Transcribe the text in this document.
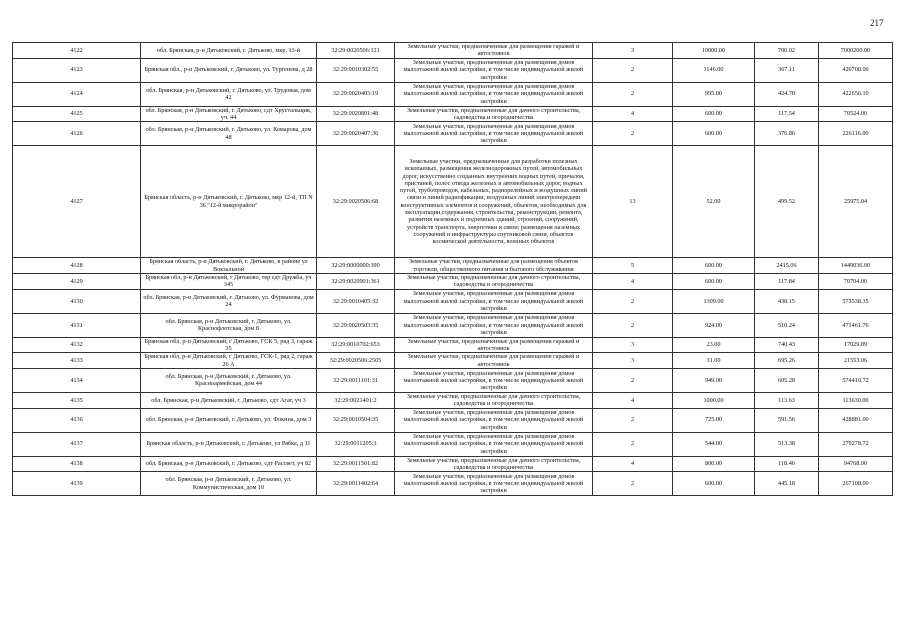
217
4122	обл. Брянская, р-н Дятьковский, г. Дятьково, мкр. 13-й	32:29:0020506:121	Земельные участки, предназначенные для размещения гаражей и автостоянок	3	10000.00	700.02	7000200.00
4123	Брянская обл., р-н Дятьковский, г. Дятьково, ул. Тургенева, д 28	32:29:0010302:55	Земельные участки, предназначенные для размещения домов малоэтажной жилой застройки, в том числе индивидуальной жилой застройки	2	1146.00	367.11	420708.06
4124	обл. Брянская, р-н Дятьковский, г. Дятьково, ул. Трудовая, дом 42	32:29:0020403:19	Земельные участки, предназначенные для размещения домов малоэтажной жилой застройки, в том числе индивидуальной жилой застройки	2	995.00	424.78	422656.10
4125	обл. Брянская, р-н Дятьковский, г. Дятьково, сдт Хрустальщик, уч. 44	32:29:0020801:48	Земельные участки, предназначенные для дачного строительства, садоводства и огородничества	4	600.00	117.54	70524.00
4126	обл. Брянская, р-н Дятьковский, г. Дятьково, ул. Комарова, дом 48	32:29:0020407:36	Земельные участки, предназначенные для размещения домов малоэтажной жилой застройки, в том числе индивидуальной жилой застройки	2	600.00	376.86	226116.00
4127	Брянская область, р-н Дятьковский, г. Дятьково, мкр 12-й, ТП N 36 "12-й микрорайон"	32:29:0020506:68	Земельные участки, предназначенные для разработки полезных ископаемых, размещения железнодорожных путей, автомобильных дорог, искусственно созданных внутренних водных путей, причалов, пристаней, полос отвода железных и автомобильных дорог, водных путей, трубопроводов, кабельных, радиорелейных и воздушных линий связи и линий радиофикации, воздушных линий электропередачи конструктивных элементов и сооружений, объектов, необходимых для эксплуатации,содержания, строительства, реконструкции, ремонта, развития наземных и подземных зданий, строений, сооружений, устройств транспорта, энергетики и связи; размещения наземных сооружений и инфраструктуры спутниковой связи, объектов космической деятельности, военных объектов	13	52.00	499.52	25975.04
4128	Брянская область, р-н Дятьковский, г. Дятьково, в районе ул Вокзальной	32:29:0000000:390	Земельные участки, предназначенные для размещения объектов торговли, общественного питания и бытового обслуживания	5	600.00	2415.06	1449036.00
4129	Брянская обл, р-н Дятьковский, г Дятьково, тер сдт Дружба, уч 345	32:29:0020901:361	Земельные участки, предназначенные для дачного строительства, садоводства и огородничества	4	600.00	117.84	70704.00
4130	обл. Брянская, р-н Дятьковский, г. Дятьково, ул. Фурманова, дом 24	32:29:0010405:32	Земельные участки, предназначенные для размещения домов малоэтажной жилой застройки, в том числе индивидуальной жилой застройки	2	1309.00	438.15	573538.35
4131	обл. Брянская, р-н Дятьковский, г. Дятьково, ул. Краснофлотская, дом 8	32:29:0020503:35	Земельные участки, предназначенные для размещения домов малоэтажной жилой застройки, в том числе индивидуальной жилой застройки	2	924.00	510.24	471461.76
4132	Брянская обл, р-н Дятьковский, г Дятьково, ГСК 5, ряд 3, гараж 35	32:29:0010702:653	Земельные участки, предназначенные для размещения гаражей и автостоянок	3	23.00	740.43	17029.89
4133	Брянская обл, р-н Дятьковский, г Дятьково, ГСК-1, ряд 2, гараж 26 А	32:29:0020506:2505	Земельные участки, предназначенные для размещения гаражей и автостоянок	3	31.00	695.26	21553.06
4134	обл. Брянская, р-н Дятьковский, г. Дятьково, ул. Красноармейская, дом 44	32:29:0011101:31	Земельные участки, предназначенные для размещения домов малоэтажной жилой застройки, в том числе индивидуальной жилой застройки	2	949.00	605.28	574410.72
4135	обл. Брянская, р-н Дятьковский, г. Дятьково, сдт Агат, уч 3	32:29:0021401:2	Земельные участки, предназначенные для дачного строительства, садоводства и огородничества	4	1000.00	113.63	113630.00
4136	обл. Брянская, р-н Дятьковский, г. Дятьково, ул. Фокина, дом 3	32:29:0010504:35	Земельные участки, предназначенные для размещения домов малоэтажной жилой застройки, в том числе индивидуальной жилой застройки	2	725.00	591.56	428881.00
4137	Брянская область, р-н Дятьковский, г. Дятьково, ул Рябка, д 11	32:29:0011205:3	Земельные участки, предназначенные для размещения домов малоэтажной жилой застройки, в том числе индивидуальной жилой застройки	2	544.00	513.38	279278.72
4138	обл. Брянская, р-н Дятьковский, г. Дятьково, сдт Рассвет, уч 82	32:29:0011501:82	Земельные участки, предназначенные для дачного строительства, садоводства и огородничества	4	800.00	118.46	94768.00
4139	обл. Брянская, р-н Дятьковский, г. Дятьково, ул. Коммунистическая, дом 10	32:29:0011402:64	Земельные участки, предназначенные для размещения домов малоэтажной жилой застройки, в том числе индивидуальной жилой застройки	2	600.00	445.18	267108.00
